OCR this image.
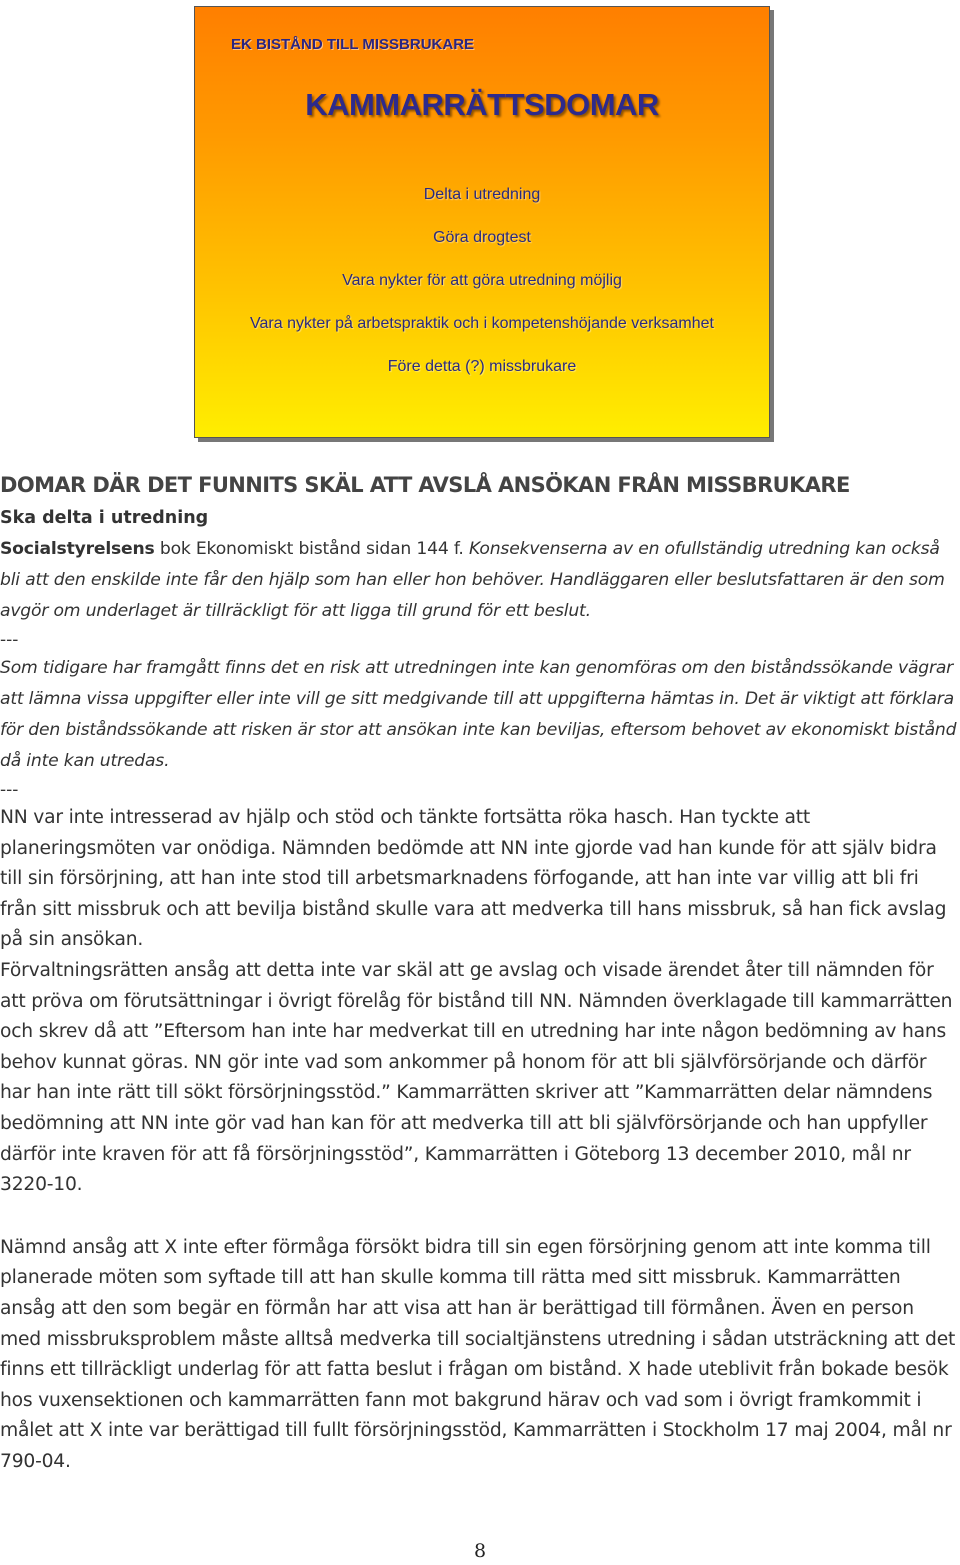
EK BISTÅND TILL MISSBRUKARE
KAMMARRÄTTSDOMAR
Delta i utredning
Göra drogtest
Vara nykter för att göra utredning möjlig
Vara nykter på arbetspraktik och i kompetenshöjande verksamhet
Före detta (?) missbrukare
DOMAR DÄR DET FUNNITS SKÄL ATT AVSLÅ ANSÖKAN FRÅN MISSBRUKARE
Ska delta i utredning
Socialstyrelsens bok Ekonomiskt bistånd sidan 144 f. Konsekvenserna av en ofullständig utredning kan också bli att den enskilde inte får den hjälp som han eller hon behöver. Handläggaren eller beslutsfattaren är den som avgör om underlaget är tillräckligt för att ligga till grund för ett beslut.
---
Som tidigare har framgått finns det en risk att utredningen inte kan genomföras om den biståndssökande vägrar att lämna vissa uppgifter eller inte vill ge sitt medgivande till att uppgifterna hämtas in. Det är viktigt att förklara för den biståndssökande att risken är stor att ansökan inte kan beviljas, eftersom behovet av ekonomiskt bistånd då inte kan utredas.
---
NN var inte intresserad av hjälp och stöd och tänkte fortsätta röka hasch. Han tyckte att planeringsmöten var onödiga. Nämnden bedömde att NN inte gjorde vad han kunde för att själv bidra till sin försörjning, att han inte stod till arbetsmarknadens förfogande, att han inte var villig att bli fri från sitt missbruk och att bevilja bistånd skulle vara att medverka till hans missbruk, så han fick avslag på sin ansökan.
Förvaltningsrätten ansåg att detta inte var skäl att ge avslag och visade ärendet åter till nämnden för att pröva om förutsättningar i övrigt förelåg för bistånd till NN. Nämnden överklagade till kammarrätten och skrev då att ”Eftersom han inte har medverkat till en utredning har inte någon bedömning av hans behov kunnat göras. NN gör inte vad som ankommer på honom för att bli självförsörjande och därför har han inte rätt till sökt försörjningsstöd.” Kammarrätten skriver att ”Kammarrätten delar nämndens bedömning att NN inte gör vad han kan för att medverka till att bli självförsörjande och han uppfyller därför inte kraven för att få försörjningsstöd”, Kammarrätten i Göteborg 13 december 2010, mål nr 3220-10.
Nämnd ansåg att X inte efter förmåga försökt bidra till sin egen försörjning genom att inte komma till planerade möten som syftade till att han skulle komma till rätta med sitt missbruk. Kammarrätten ansåg att den som begär en förmån har att visa att han är berättigad till förmånen. Även en person med missbruksproblem måste alltså medverka till socialtjänstens utredning i sådan utsträckning att det finns ett tillräckligt underlag för att fatta beslut i frågan om bistånd. X hade uteblivit från bokade besök hos vuxensektionen och kammarrätten fann mot bakgrund härav och vad som i övrigt framkommit i målet att X inte var berättigad till fullt försörjningsstöd, Kammarrätten i Stockholm 17 maj 2004, mål nr 790-04.
8
